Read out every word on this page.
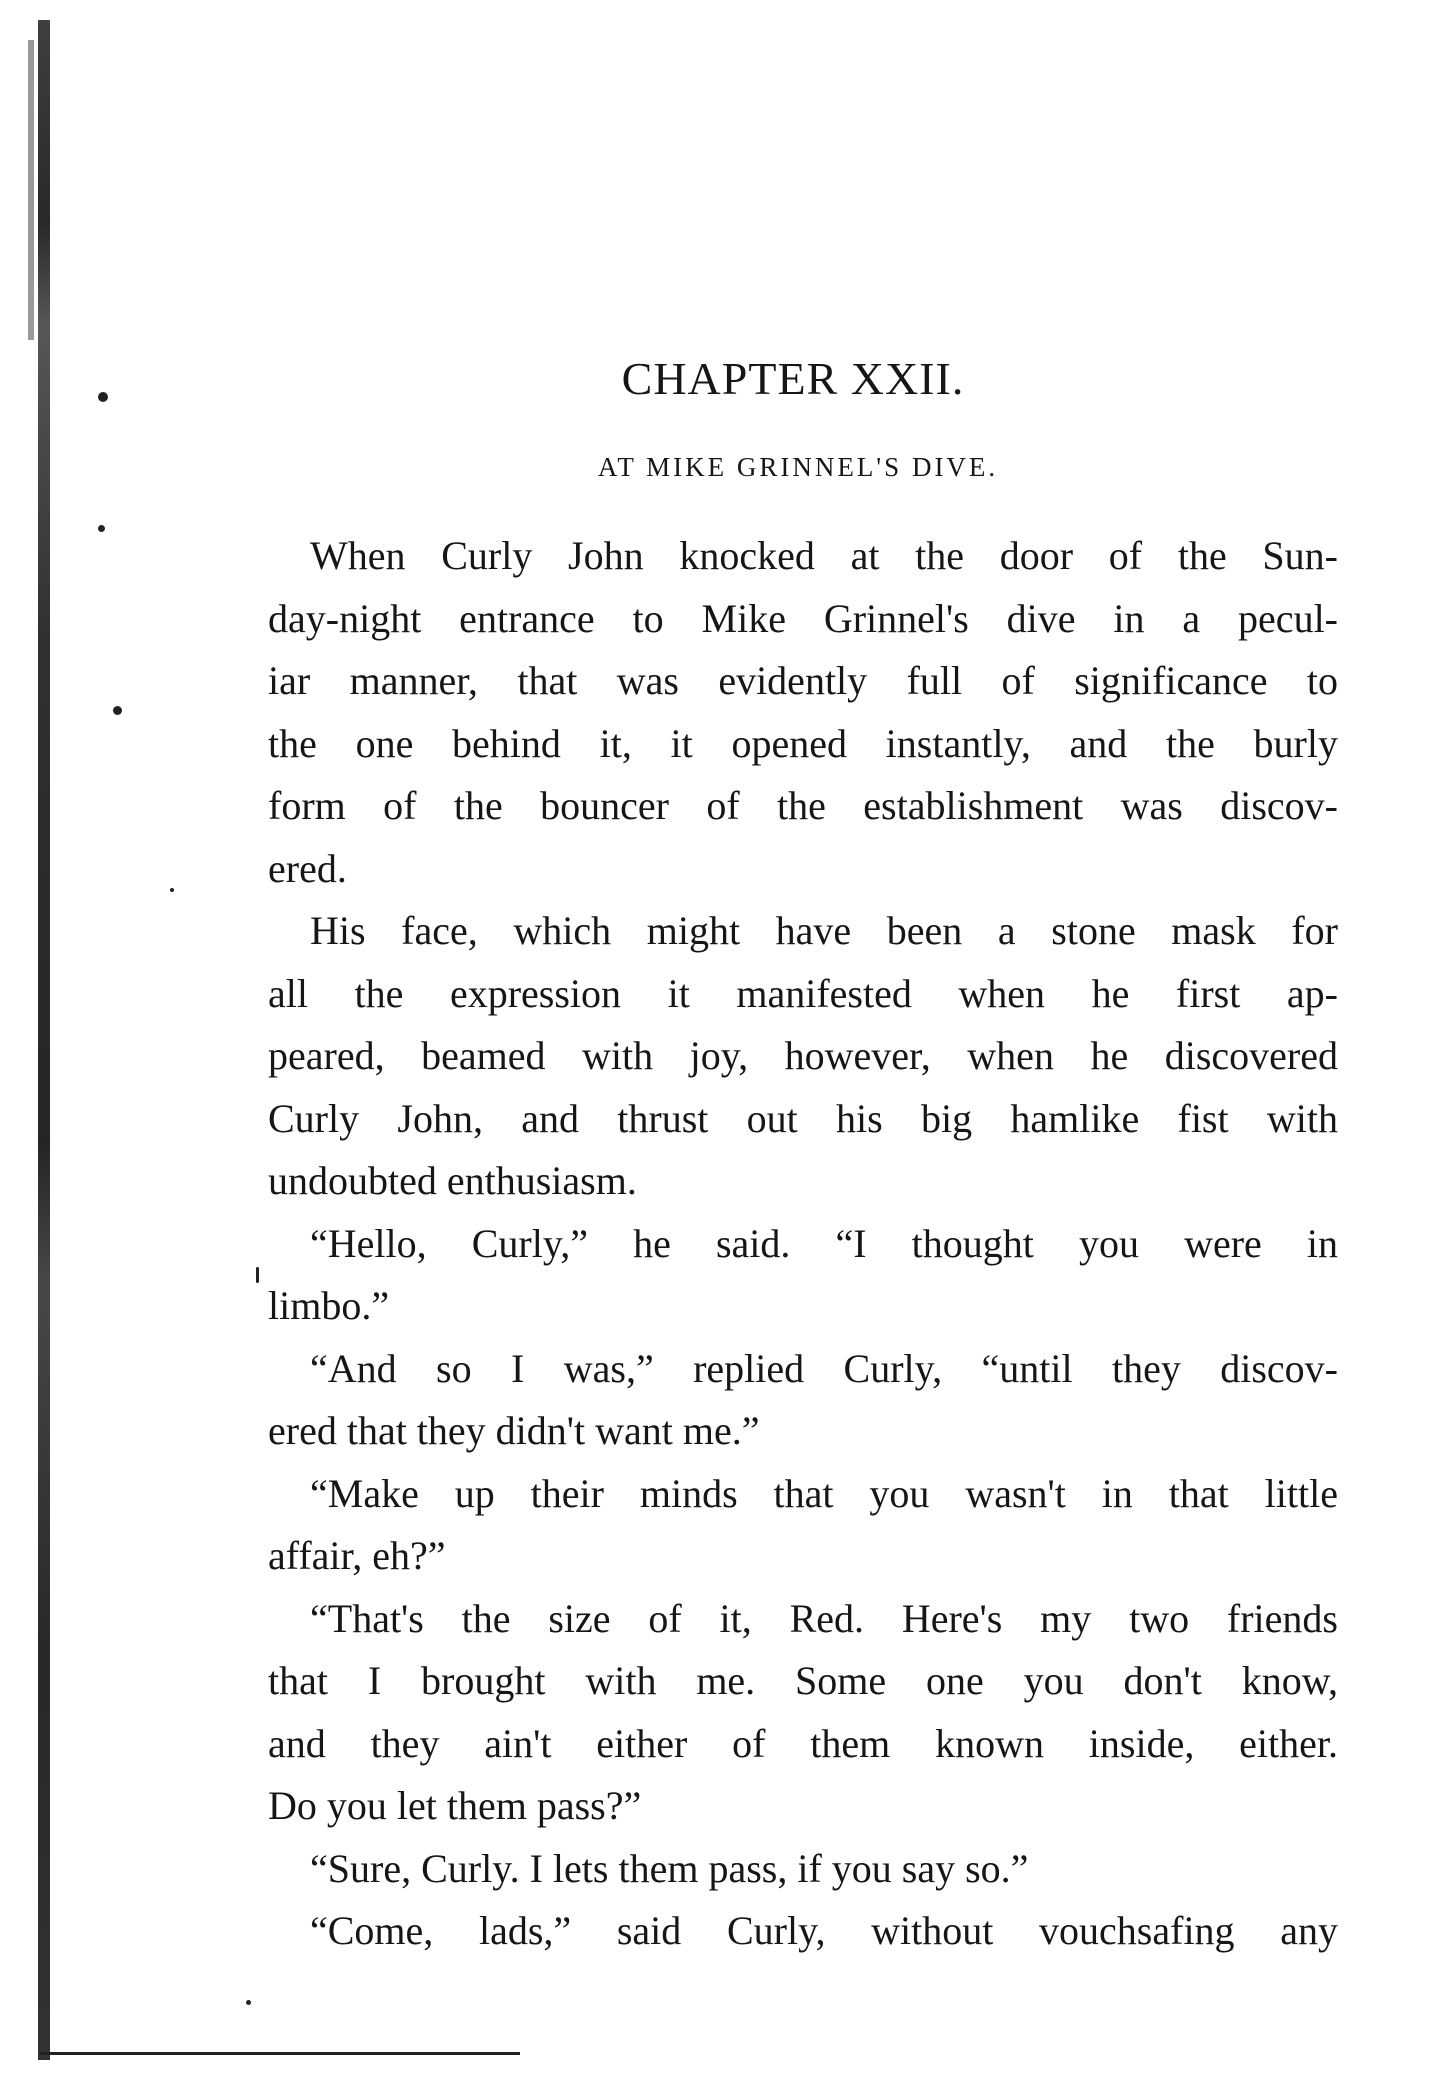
CHAPTER XXII.
AT MIKE GRINNEL'S DIVE.
When Curly John knocked at the door of the Sun-
day-night entrance to Mike Grinnel's dive in a pecul-
iar manner, that was evidently full of significance to
the one behind it, it opened instantly, and the burly
form of the bouncer of the establishment was discov-
ered.
His face, which might have been a stone mask for
all the expression it manifested when he first ap-
peared, beamed with joy, however, when he discovered
Curly John, and thrust out his big hamlike fist with
undoubted enthusiasm.
“Hello, Curly,” he said. “I thought you were in
limbo.”
“And so I was,” replied Curly, “until they discov-
ered that they didn't want me.”
“Make up their minds that you wasn't in that little
affair, eh?”
“That's the size of it, Red. Here's my two friends
that I brought with me. Some one you don't know,
and they ain't either of them known inside, either.
Do you let them pass?”
“Sure, Curly. I lets them pass, if you say so.”
“Come, lads,” said Curly, without vouchsafing any
